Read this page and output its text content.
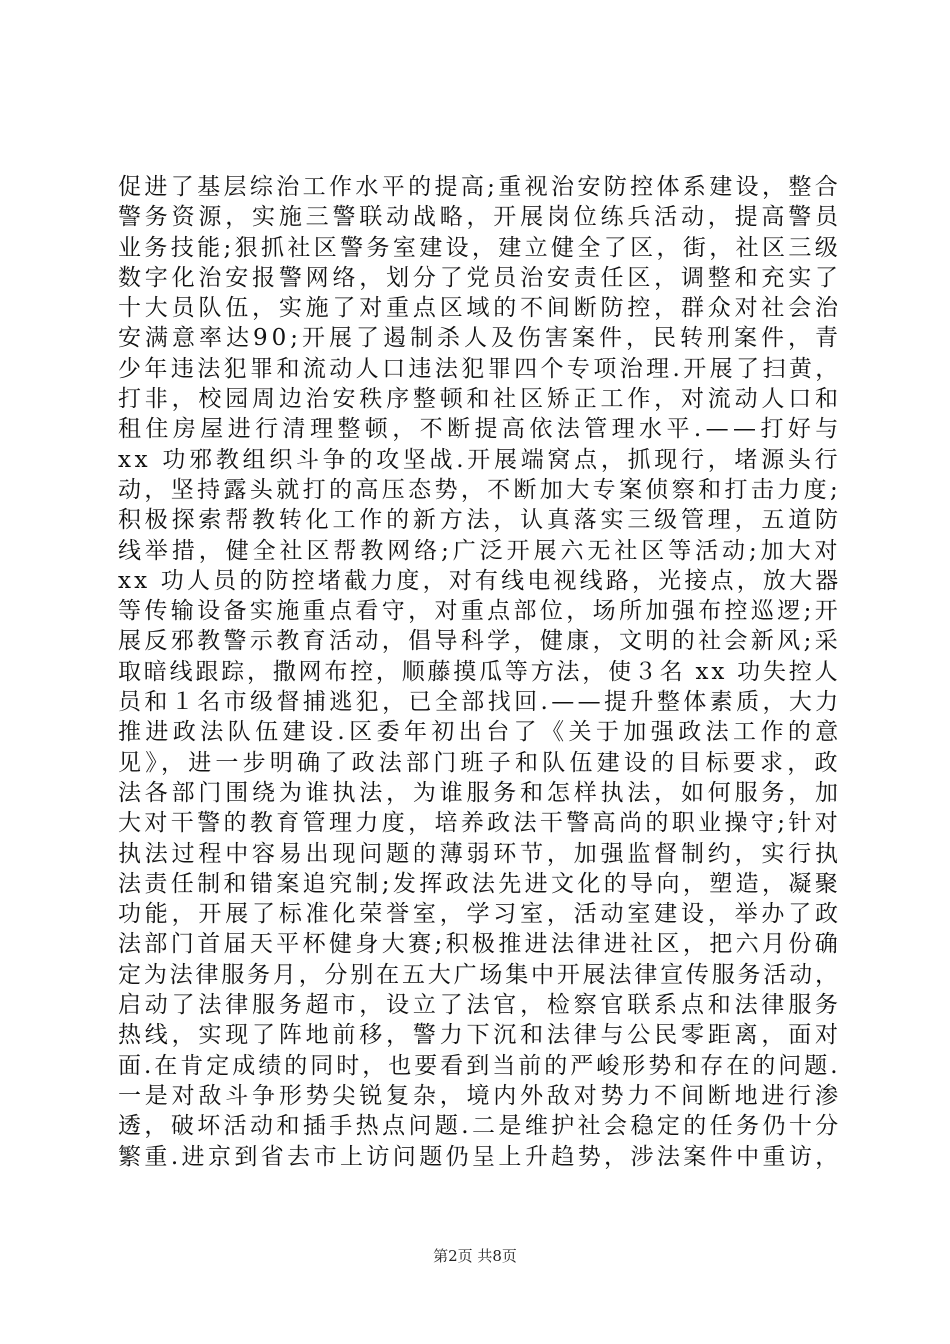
促进了基层综治工作水平的提高;重视治安防控体系建设，整合
警务资源，实施三警联动战略，开展岗位练兵活动，提高警员
业务技能;狠抓社区警务室建设，建立健全了区，街，社区三级
数字化治安报警网络，划分了党员治安责任区，调整和充实了
十大员队伍，实施了对重点区域的不间断防控，群众对社会治
安满意率达90;开展了遏制杀人及伤害案件，民转刑案件，青
少年违法犯罪和流动人口违法犯罪四个专项治理.开展了扫黄，
打非，校园周边治安秩序整顿和社区矫正工作，对流动人口和
租住房屋进行清理整顿，不断提高依法管理水平.——打好与
xx 功邪教组织斗争的攻坚战.开展端窝点，抓现行，堵源头行
动，坚持露头就打的高压态势，不断加大专案侦察和打击力度;
积极探索帮教转化工作的新方法，认真落实三级管理，五道防
线举措，健全社区帮教网络;广泛开展六无社区等活动;加大对
xx 功人员的防控堵截力度，对有线电视线路，光接点，放大器
等传输设备实施重点看守，对重点部位，场所加强布控巡逻;开
展反邪教警示教育活动，倡导科学，健康，文明的社会新风;采
取暗线跟踪，撒网布控，顺藤摸瓜等方法，使３名 xx 功失控人
员和１名市级督捕逃犯，已全部找回.——提升整体素质，大力
推进政法队伍建设.区委年初出台了《关于加强政法工作的意
见》，进一步明确了政法部门班子和队伍建设的目标要求，政
法各部门围绕为谁执法，为谁服务和怎样执法，如何服务，加
大对干警的教育管理力度，培养政法干警高尚的职业操守;针对
执法过程中容易出现问题的薄弱环节，加强监督制约，实行执
法责任制和错案追究制;发挥政法先进文化的导向，塑造，凝聚
功能，开展了标准化荣誉室，学习室，活动室建设，举办了政
法部门首届天平杯健身大赛;积极推进法律进社区，把六月份确
定为法律服务月，分别在五大广场集中开展法律宣传服务活动，
启动了法律服务超市，设立了法官，检察官联系点和法律服务
热线，实现了阵地前移，警力下沉和法律与公民零距离，面对
面.在肯定成绩的同时，也要看到当前的严峻形势和存在的问题.
一是对敌斗争形势尖锐复杂，境内外敌对势力不间断地进行渗
透，破坏活动和插手热点问题.二是维护社会稳定的任务仍十分
繁重.进京到省去市上访问题仍呈上升趋势，涉法案件中重访，

第2页 共8页
